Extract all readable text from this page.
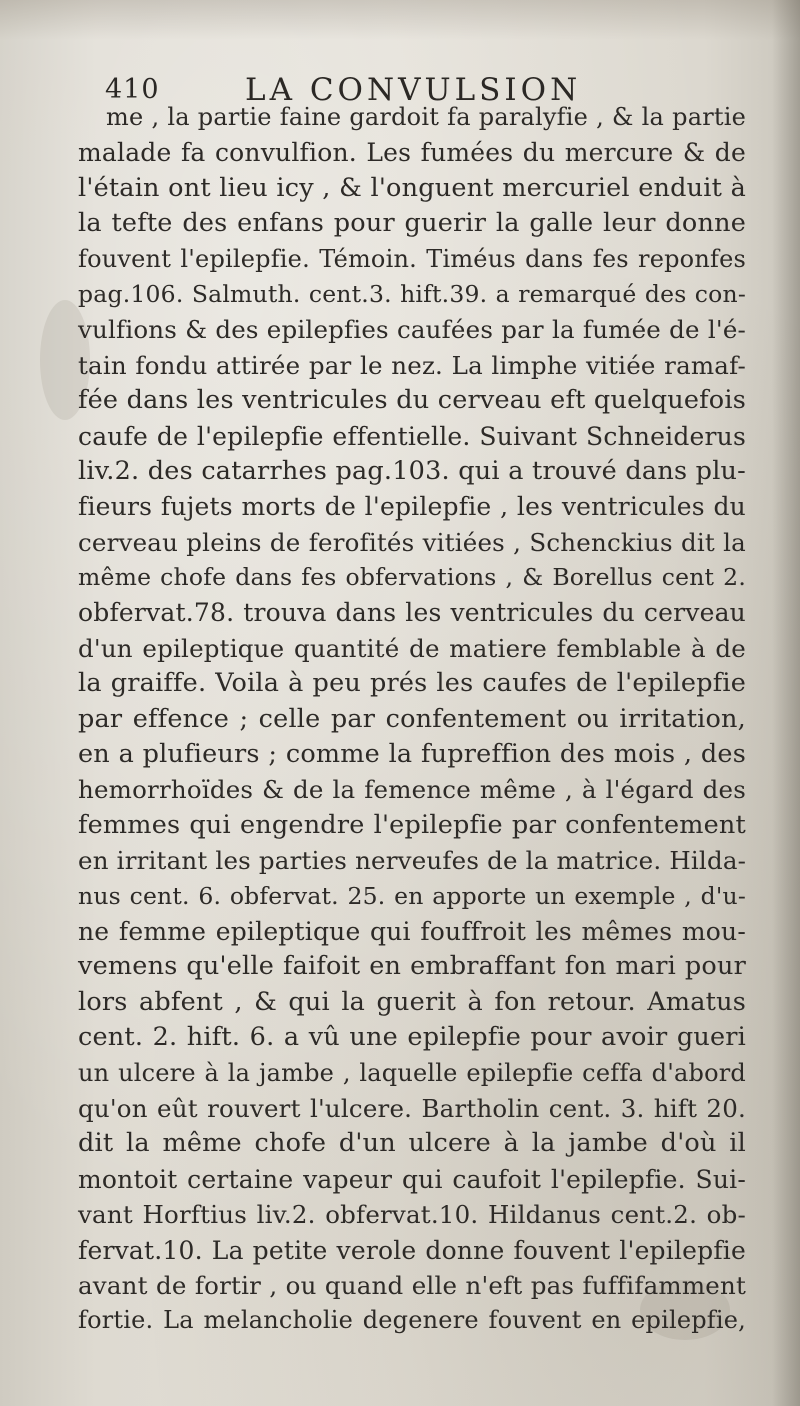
410	LA CONVULSION
me , la partie faine gardoit fa paralyfie , & la partie
malade fa convulfion. Les fumées du mercure & de
l'étain ont lieu icy , & l'onguent mercuriel enduit à
la tefte des enfans pour guerir la galle leur donne
fouvent l'epilepfie. Témoin. Timéus dans fes reponfes
pag.106. Salmuth. cent.3. hift.39. a remarqué des con-
vulfions & des epilepfies caufées par la fumée de l'é-
tain fondu attirée par le nez. La limphe vitiée ramaf-
fée dans les ventricules du cerveau eft quelquefois
caufe de l'epilepfie effentielle. Suivant Schneiderus
liv.2. des catarrhes pag.103. qui a trouvé dans plu-
fieurs fujets morts de l'epilepfie , les ventricules du
cerveau pleins de ferofités vitiées , Schenckius dit la
même chofe dans fes obfervations , & Borellus cent 2.
obfervat.78. trouva dans les ventricules du cerveau
d'un epileptique quantité de matiere femblable à de
la graiffe. Voila à peu prés les caufes de l'epilepfie
par effence ; celle par confentement ou irritation,
en a plufieurs ; comme la fupreffion des mois , des
hemorrhoïdes & de la femence même , à l'égard des
femmes qui engendre l'epilepfie par confentement
en irritant les parties nerveufes de la matrice. Hilda-
nus cent. 6. obfervat. 25. en apporte un exemple , d'u-
ne femme epileptique qui fouffroit les mêmes mou-
vemens qu'elle faifoit en embraffant fon mari pour
lors abfent , & qui la guerit à fon retour. Amatus
cent. 2. hift. 6. a vû une epilepfie pour avoir gueri
un ulcere à la jambe , laquelle epilepfie ceffa d'abord
qu'on eût rouvert l'ulcere. Bartholin cent. 3. hift 20.
dit la même chofe d'un ulcere à la jambe d'où il
montoit certaine vapeur qui caufoit l'epilepfie. Sui-
vant Horftius liv.2. obfervat.10. Hildanus cent.2. ob-
fervat.10. La petite verole donne fouvent l'epilepfie
avant de fortir , ou quand elle n'eft pas fuffifamment
fortie. La melancholie degenere fouvent en epilepfie,
